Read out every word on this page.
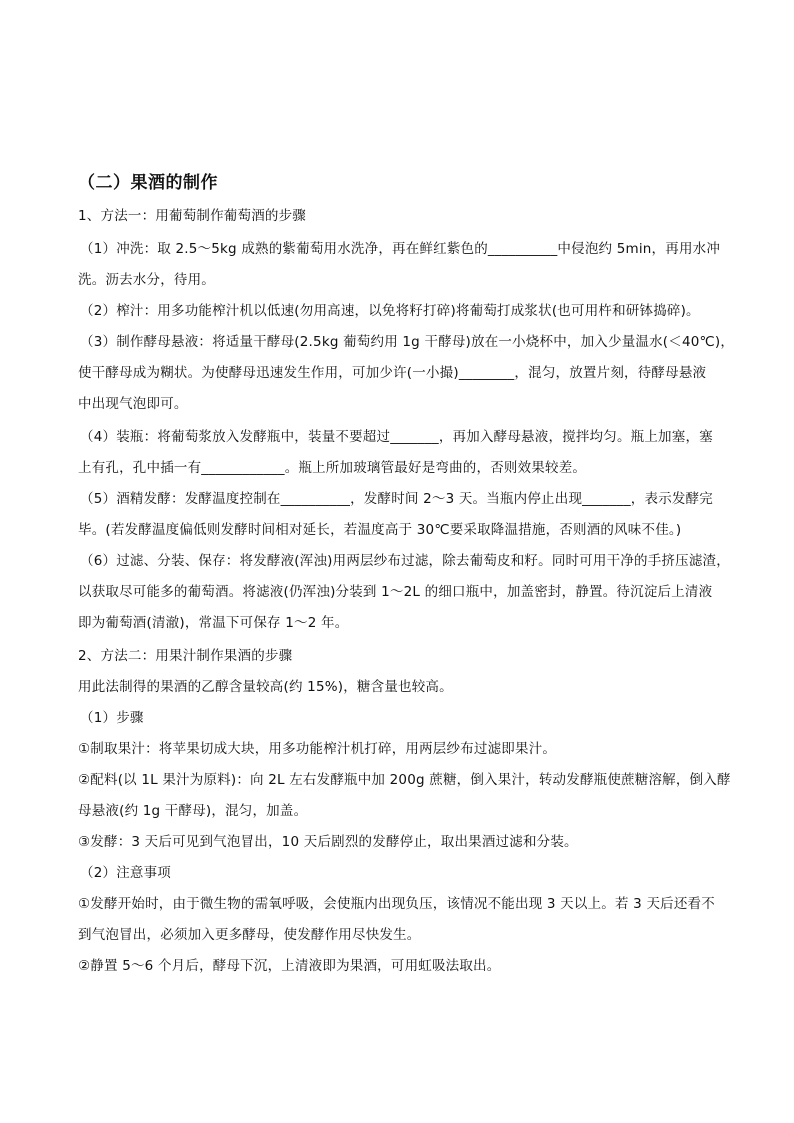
（二）果酒的制作
1、方法一：用葡萄制作葡萄酒的步骤
（1）冲洗：取 2.5～5kg 成熟的紫葡萄用水洗净，再在鲜红紫色的__________中侵泡约 5min，再用水冲
洗。沥去水分，待用。
（2）榨汁：用多功能榨汁机以低速(勿用高速，以免将籽打碎)将葡萄打成浆状(也可用杵和研钵捣碎)。
（3）制作酵母悬液：将适量干酵母(2.5kg 葡萄约用 1g 干酵母)放在一小烧杯中，加入少量温水(＜40℃)，
使干酵母成为糊状。为使酵母迅速发生作用，可加少许(一小撮)________，混匀，放置片刻，待酵母悬液
中出现气泡即可。
（4）装瓶：将葡萄浆放入发酵瓶中，装量不要超过_______，再加入酵母悬液，搅拌均匀。瓶上加塞，塞
上有孔，孔中插一有____________。瓶上所加玻璃管最好是弯曲的，否则效果较差。
（5）酒精发酵：发酵温度控制在__________，发酵时间 2～3 天。当瓶内停止出现_______，表示发酵完
毕。(若发酵温度偏低则发酵时间相对延长，若温度高于 30℃要采取降温措施，否则酒的风味不佳。)
（6）过滤、分装、保存：将发酵液(浑浊)用两层纱布过滤，除去葡萄皮和籽。同时可用干净的手挤压滤渣，
以获取尽可能多的葡萄酒。将滤液(仍浑浊)分装到 1～2L 的细口瓶中，加盖密封，静置。待沉淀后上清液
即为葡萄酒(清澈)，常温下可保存 1～2 年。
2、方法二：用果汁制作果酒的步骤
用此法制得的果酒的乙醇含量较高(约 15%)，糖含量也较高。
（1）步骤
①制取果汁：将苹果切成大块，用多功能榨汁机打碎，用两层纱布过滤即果汁。
②配料(以 1L 果汁为原料)：向 2L 左右发酵瓶中加 200g 蔗糖，倒入果汁，转动发酵瓶使蔗糖溶解，倒入酵
母悬液(约 1g 干酵母)，混匀，加盖。
③发酵：3 天后可见到气泡冒出，10 天后剧烈的发酵停止，取出果酒过滤和分装。
（2）注意事项
①发酵开始时，由于微生物的需氧呼吸，会使瓶内出现负压，该情况不能出现 3 天以上。若 3 天后还看不
到气泡冒出，必须加入更多酵母，使发酵作用尽快发生。
②静置 5～6 个月后，酵母下沉，上清液即为果酒，可用虹吸法取出。
